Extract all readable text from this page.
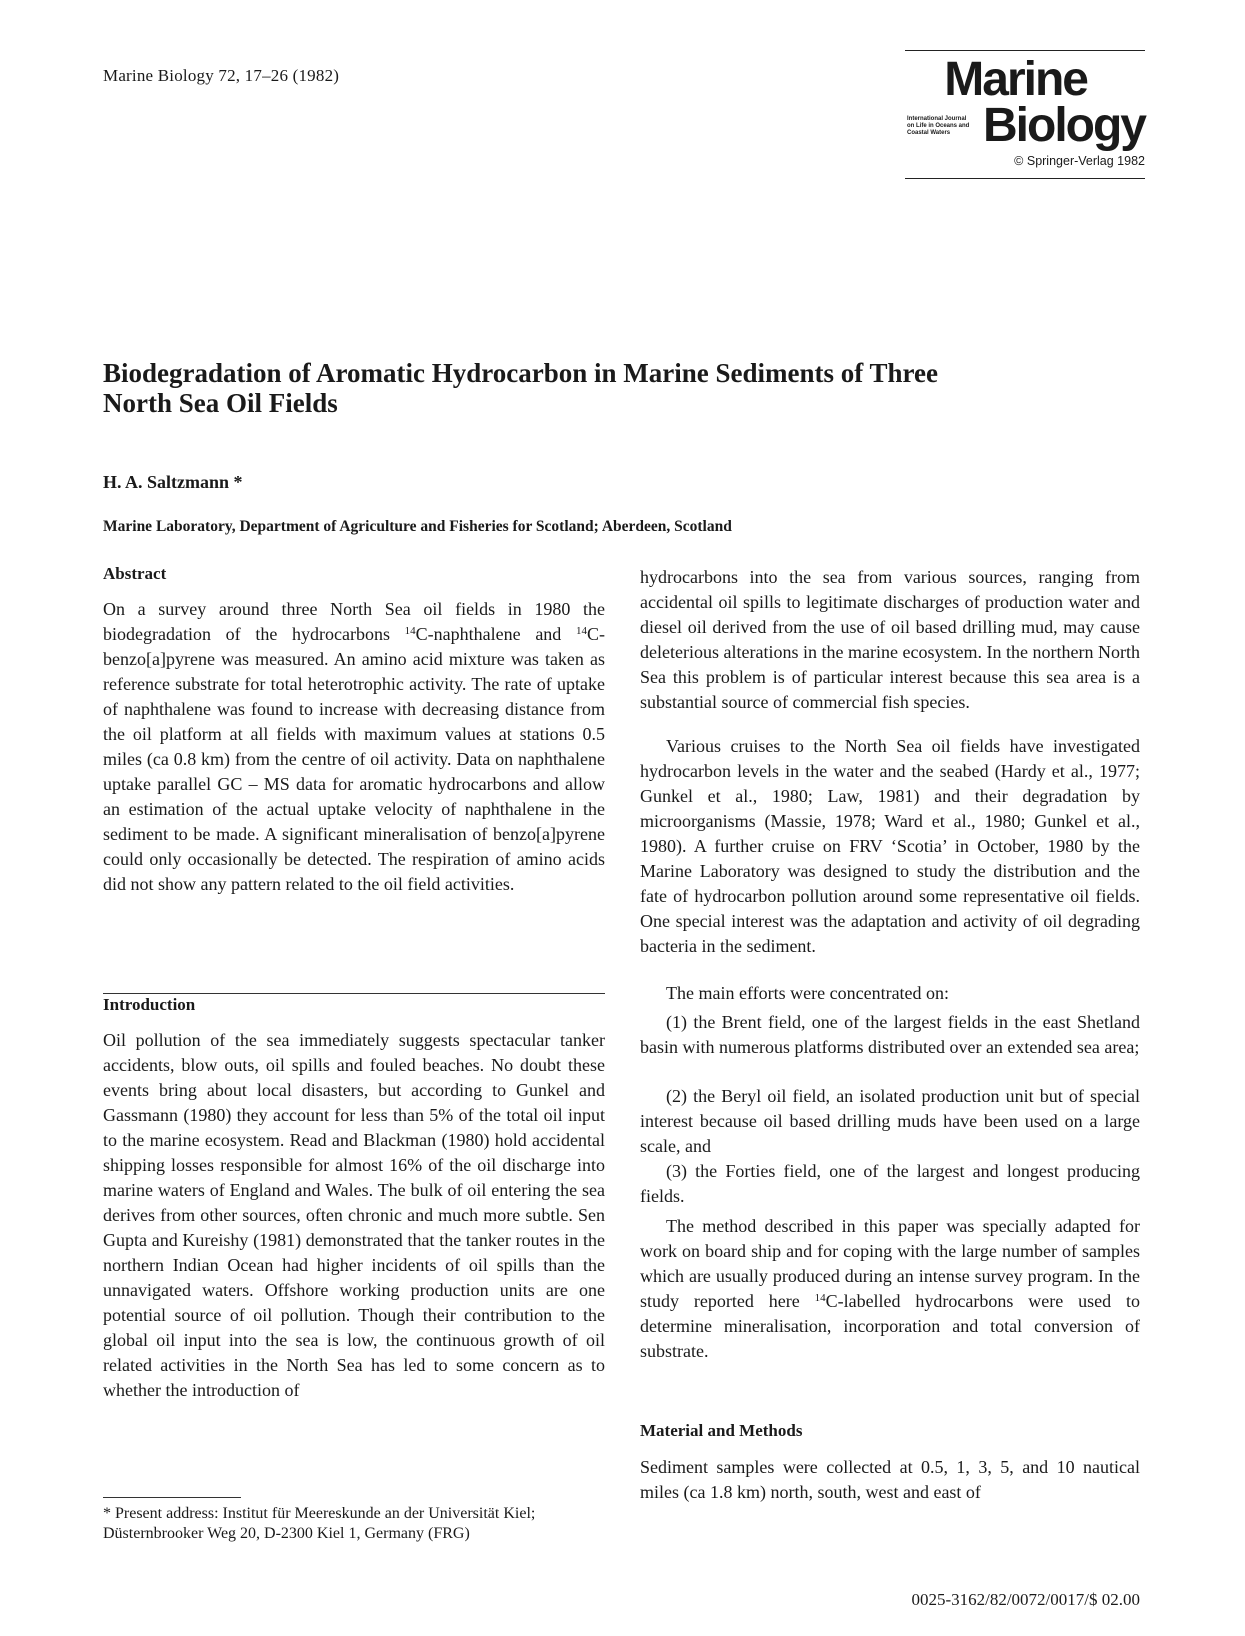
Marine Biology 72, 17–26 (1982)	Marine
International Journal on Life in Oceans and Coastal Waters Biology
© Springer-Verlag 1982
Biodegradation of Aromatic Hydrocarbon in Marine Sediments of Three North Sea Oil Fields
H. A. Saltzmann *
Marine Laboratory, Department of Agriculture and Fisheries for Scotland; Aberdeen, Scotland
Abstract
On a survey around three North Sea oil fields in 1980 the biodegradation of the hydrocarbons $^{14}$C-naphthalene and $^{14}$C-benzo[a]pyrene was measured. An amino acid mixture was taken as reference substrate for total heterotrophic activity. The rate of uptake of naphthalene was found to increase with decreasing distance from the oil platform at all fields with maximum values at stations 0.5 miles (ca 0.8 km) from the centre of oil activity. Data on naphthalene uptake parallel GC – MS data for aromatic hydrocarbons and allow an estimation of the actual uptake velocity of naphthalene in the sediment to be made. A significant mineralisation of benzo[a]pyrene could only occasionally be detected. The respiration of amino acids did not show any pattern related to the oil field activities.
Introduction
Oil pollution of the sea immediately suggests spectacular tanker accidents, blow outs, oil spills and fouled beaches. No doubt these events bring about local disasters, but according to Gunkel and Gassmann (1980) they account for less than 5% of the total oil input to the marine ecosystem. Read and Blackman (1980) hold accidental shipping losses responsible for almost 16% of the oil discharge into marine waters of England and Wales. The bulk of oil entering the sea derives from other sources, often chronic and much more subtle. Sen Gupta and Kureishy (1981) demonstrated that the tanker routes in the northern Indian Ocean had higher incidents of oil spills than the unnavigated waters. Offshore working production units are one potential source of oil pollution. Though their contribution to the global oil input into the sea is low, the continuous growth of oil related activities in the North Sea has led to some concern as to whether the introduction of
* Present address: Institut für Meereskunde an der Universität Kiel; Düsternbrooker Weg 20, D-2300 Kiel 1, Germany (FRG)
hydrocarbons into the sea from various sources, ranging from accidental oil spills to legitimate discharges of production water and diesel oil derived from the use of oil based drilling mud, may cause deleterious alterations in the marine ecosystem. In the northern North Sea this problem is of particular interest because this sea area is a substantial source of commercial fish species.
Various cruises to the North Sea oil fields have investigated hydrocarbon levels in the water and the seabed (Hardy et al., 1977; Gunkel et al., 1980; Law, 1981) and their degradation by microorganisms (Massie, 1978; Ward et al., 1980; Gunkel et al., 1980). A further cruise on FRV ‘Scotia’ in October, 1980 by the Marine Laboratory was designed to study the distribution and the fate of hydrocarbon pollution around some representative oil fields. One special interest was the adaptation and activity of oil degrading bacteria in the sediment.
The main efforts were concentrated on:
(1) the Brent field, one of the largest fields in the east Shetland basin with numerous platforms distributed over an extended sea area;
(2) the Beryl oil field, an isolated production unit but of special interest because oil based drilling muds have been used on a large scale, and
(3) the Forties field, one of the largest and longest producing fields.
The method described in this paper was specially adapted for work on board ship and for coping with the large number of samples which are usually produced during an intense survey program. In the study reported here $^{14}$C-labelled hydrocarbons were used to determine mineralisation, incorporation and total conversion of substrate.
Material and Methods
Sediment samples were collected at 0.5, 1, 3, 5, and 10 nautical miles (ca 1.8 km) north, south, west and east of
0025-3162/82/0072/0017/$ 02.00
